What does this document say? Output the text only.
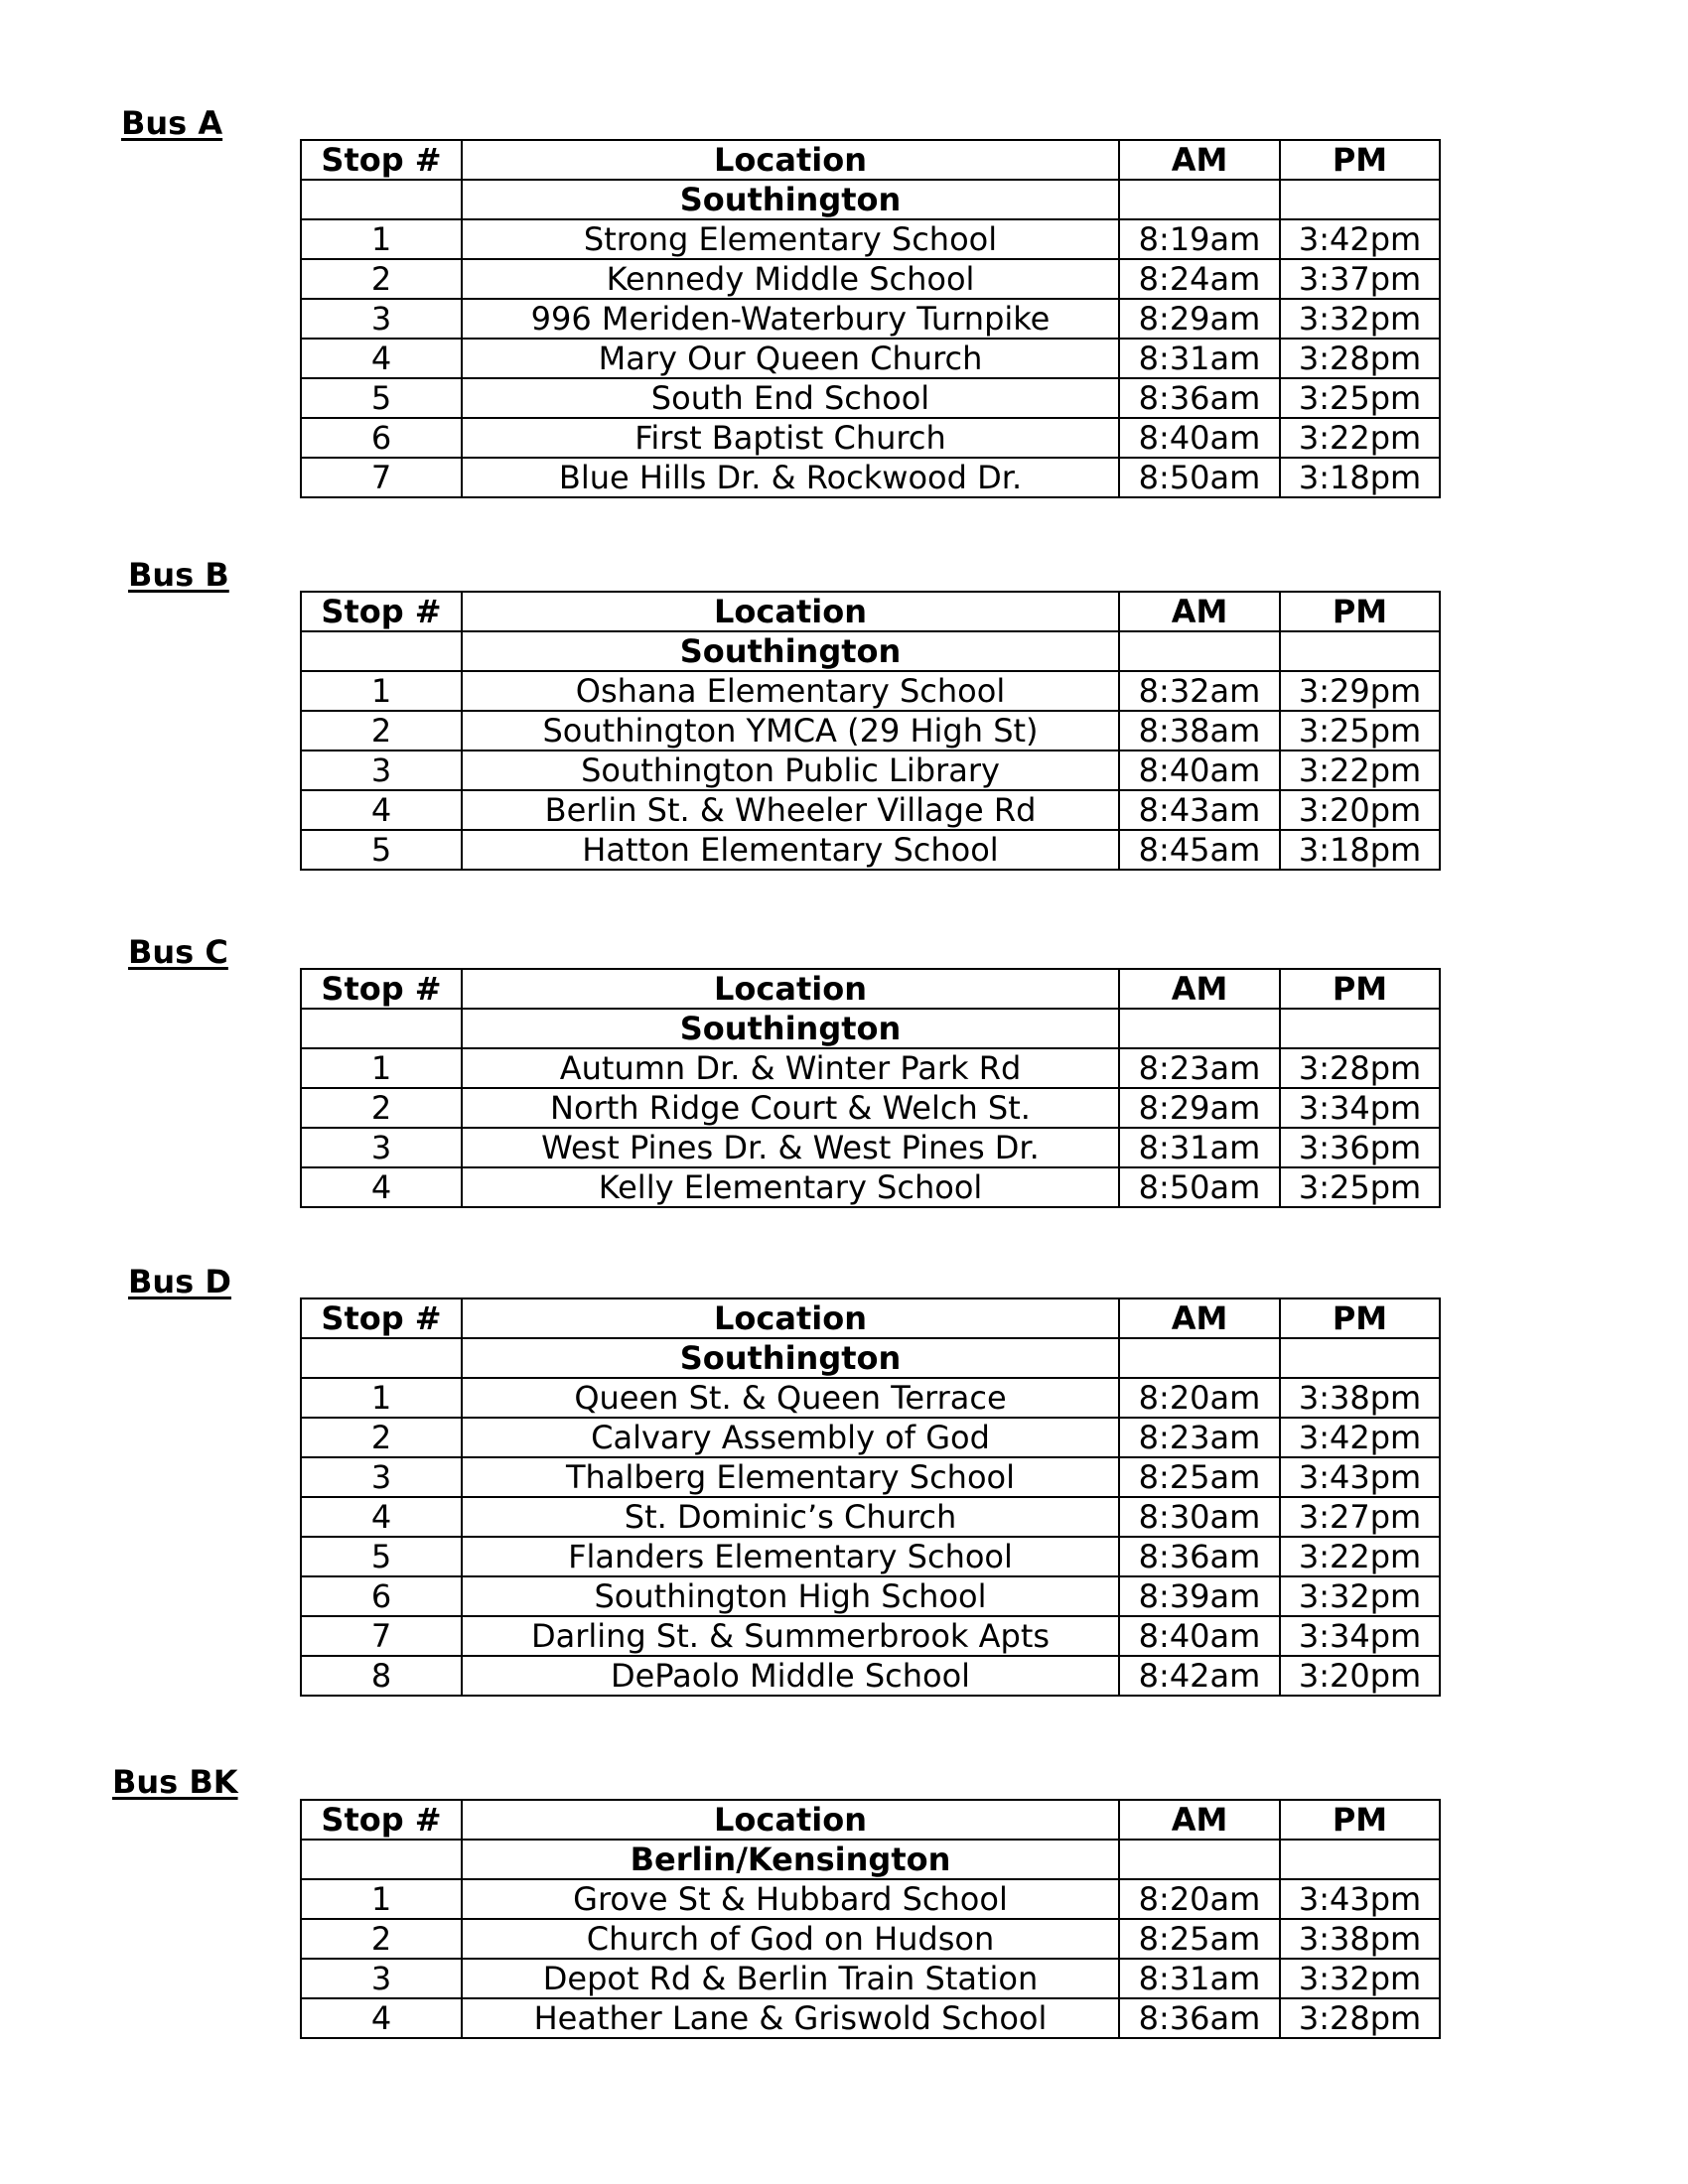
Bus A
Stop #	Location	AM	PM
	Southington		
1	Strong Elementary School	8:19am	3:42pm
2	Kennedy Middle School	8:24am	3:37pm
3	996 Meriden-Waterbury Turnpike	8:29am	3:32pm
4	Mary Our Queen Church	8:31am	3:28pm
5	South End School	8:36am	3:25pm
6	First Baptist Church	8:40am	3:22pm
7	Blue Hills Dr. & Rockwood Dr.	8:50am	3:18pm
Bus B
Stop #	Location	AM	PM
	Southington		
1	Oshana Elementary School	8:32am	3:29pm
2	Southington YMCA (29 High St)	8:38am	3:25pm
3	Southington Public Library	8:40am	3:22pm
4	Berlin St. & Wheeler Village Rd	8:43am	3:20pm
5	Hatton Elementary School	8:45am	3:18pm
Bus C
Stop #	Location	AM	PM
	Southington		
1	Autumn Dr. & Winter Park Rd	8:23am	3:28pm
2	North Ridge Court & Welch St.	8:29am	3:34pm
3	West Pines Dr. & West Pines Dr.	8:31am	3:36pm
4	Kelly Elementary School	8:50am	3:25pm
Bus D
Stop #	Location	AM	PM
	Southington		
1	Queen St. & Queen Terrace	8:20am	3:38pm
2	Calvary Assembly of God	8:23am	3:42pm
3	Thalberg Elementary School	8:25am	3:43pm
4	St. Dominic’s Church	8:30am	3:27pm
5	Flanders Elementary School	8:36am	3:22pm
6	Southington High School	8:39am	3:32pm
7	Darling St. & Summerbrook Apts	8:40am	3:34pm
8	DePaolo Middle School	8:42am	3:20pm
Bus BK
Stop #	Location	AM	PM
	Berlin/Kensington		
1	Grove St & Hubbard School	8:20am	3:43pm
2	Church of God on Hudson	8:25am	3:38pm
3	Depot Rd & Berlin Train Station	8:31am	3:32pm
4	Heather Lane & Griswold School	8:36am	3:28pm
